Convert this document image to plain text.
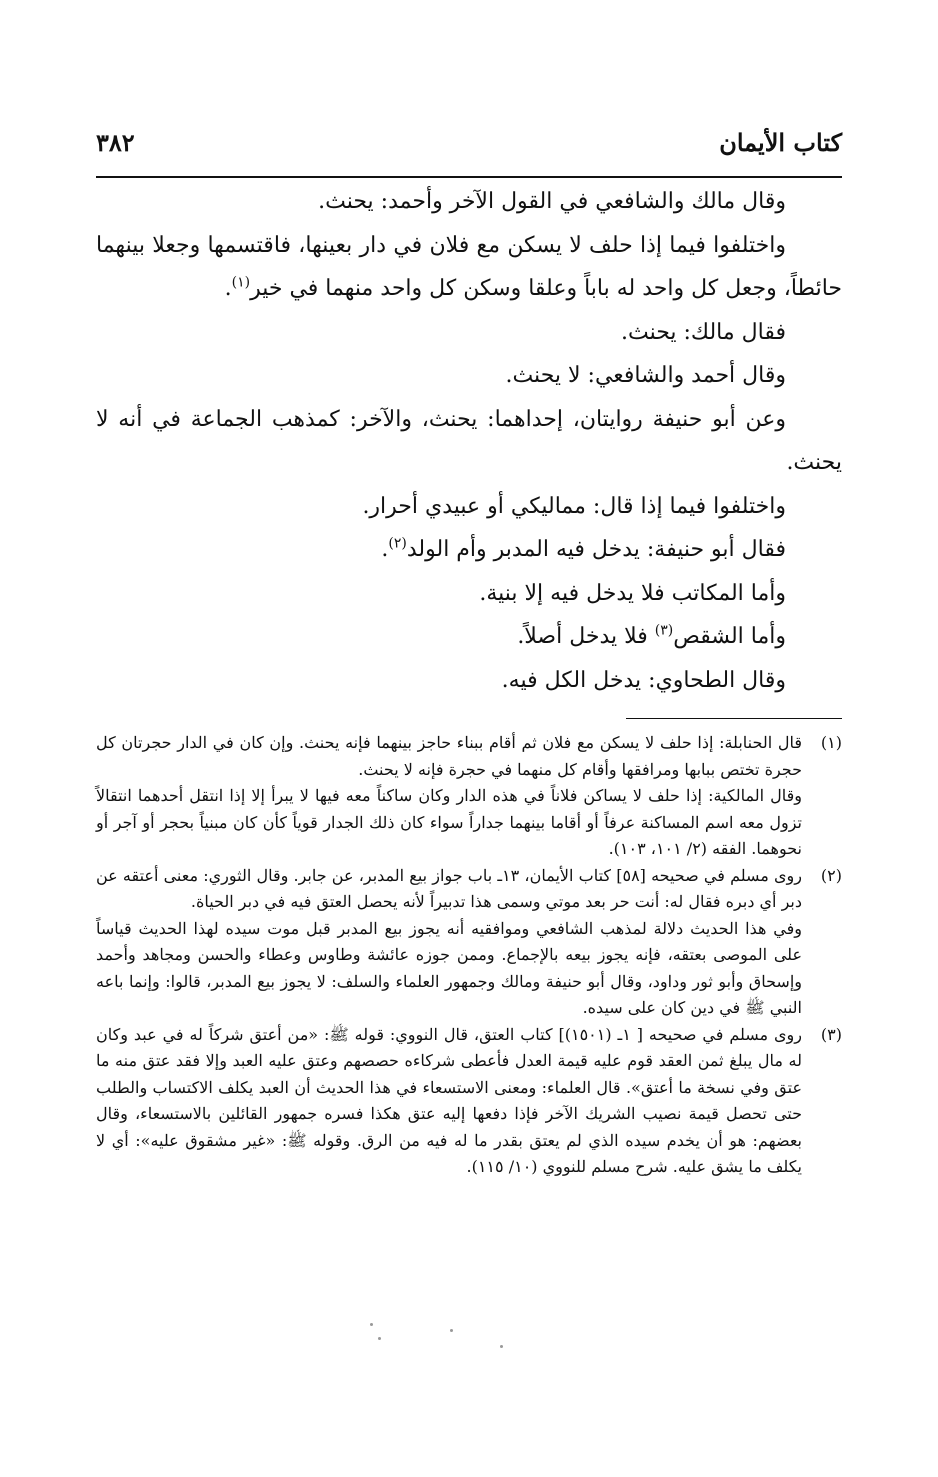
كتاب الأيمان
٣٨٢

وقال مالك والشافعي في القول الآخر وأحمد: يحنث.

واختلفوا فيما إذا حلف لا يسكن مع فلان في دار بعينها، فاقتسمها وجعلا بينهما حائطاً، وجعل كل واحد له باباً وعلقا وسكن كل واحد منهما في خير$^{(١)}$.

فقال مالك: يحنث.

وقال أحمد والشافعي: لا يحنث.

وعن أبو حنيفة روايتان، إحداهما: يحنث، والآخر: كمذهب الجماعة في أنه لا يحنث.

واختلفوا فيما إذا قال: مماليكي أو عبيدي أحرار.

فقال أبو حنيفة: يدخل فيه المدبر وأم الولد$^{(٢)}$.

وأما المكاتب فلا يدخل فيه إلا بنية.

وأما الشقص$^{(٣)}$ فلا يدخل أصلاً.

وقال الطحاوي: يدخل الكل فيه.

(١)

قال الحنابلة: إذا حلف لا يسكن مع فلان ثم أقام ببناء حاجز بينهما فإنه يحنث. وإن كان في الدار حجرتان كل حجرة تختص ببابها ومرافقها وأقام كل منهما في حجرة فإنه لا يحنث.

وقال المالكية: إذا حلف لا يساكن فلاناً في هذه الدار وكان ساكناً معه فيها لا يبرأ إلا إذا انتقل أحدهما انتقالاً تزول معه اسم المساكنة عرفاً أو أقاما بينهما جداراً سواء كان ذلك الجدار قوياً كأن كان مبنياً بحجر أو آجر أو نحوهما. الفقه (٢/ ١٠١، ١٠٣).

(٢)

روى مسلم في صحيحه [٥٨] كتاب الأيمان، ١٣ـ باب جواز بيع المدبر، عن جابر. وقال الثوري: معنى أعتقه عن دبر أي دبره فقال له: أنت حر بعد موتي وسمى هذا تدبيراً لأنه يحصل العتق فيه في دبر الحياة.

وفي هذا الحديث دلالة لمذهب الشافعي وموافقيه أنه يجوز بيع المدبر قبل موت سيده لهذا الحديث قياساً على الموصى بعتقه، فإنه يجوز بيعه بالإجماع. وممن جوزه عائشة وطاوس وعطاء والحسن ومجاهد وأحمد وإسحاق وأبو ثور وداود، وقال أبو حنيفة ومالك وجمهور العلماء والسلف: لا يجوز بيع المدبر، قالوا: وإنما باعه النبي ﷺ في دين كان على سيده.

(٣)

روى مسلم في صحيحه [ ١ـ (١٥٠١)] كتاب العتق، قال النووي: قوله ﷺ: «من أعتق شركاً له في عبد وكان له مال يبلغ ثمن العقد قوم عليه قيمة العدل فأعطى شركاءه حصصهم وعتق عليه العبد وإلا فقد عتق منه ما عتق وفي نسخة ما أعتق». قال العلماء: ومعنى الاستسعاء في هذا الحديث أن العبد يكلف الاكتساب والطلب حتى تحصل قيمة نصيب الشريك الآخر فإذا دفعها إليه عتق هكذا فسره جمهور القائلين بالاستسعاء، وقال بعضهم: هو أن يخدم سيده الذي لم يعتق بقدر ما له فيه من الرق. وقوله ﷺ: «غير مشقوق عليه»: أي لا يكلف ما يشق عليه. شرح مسلم للنووي (١٠/ ١١٥).
